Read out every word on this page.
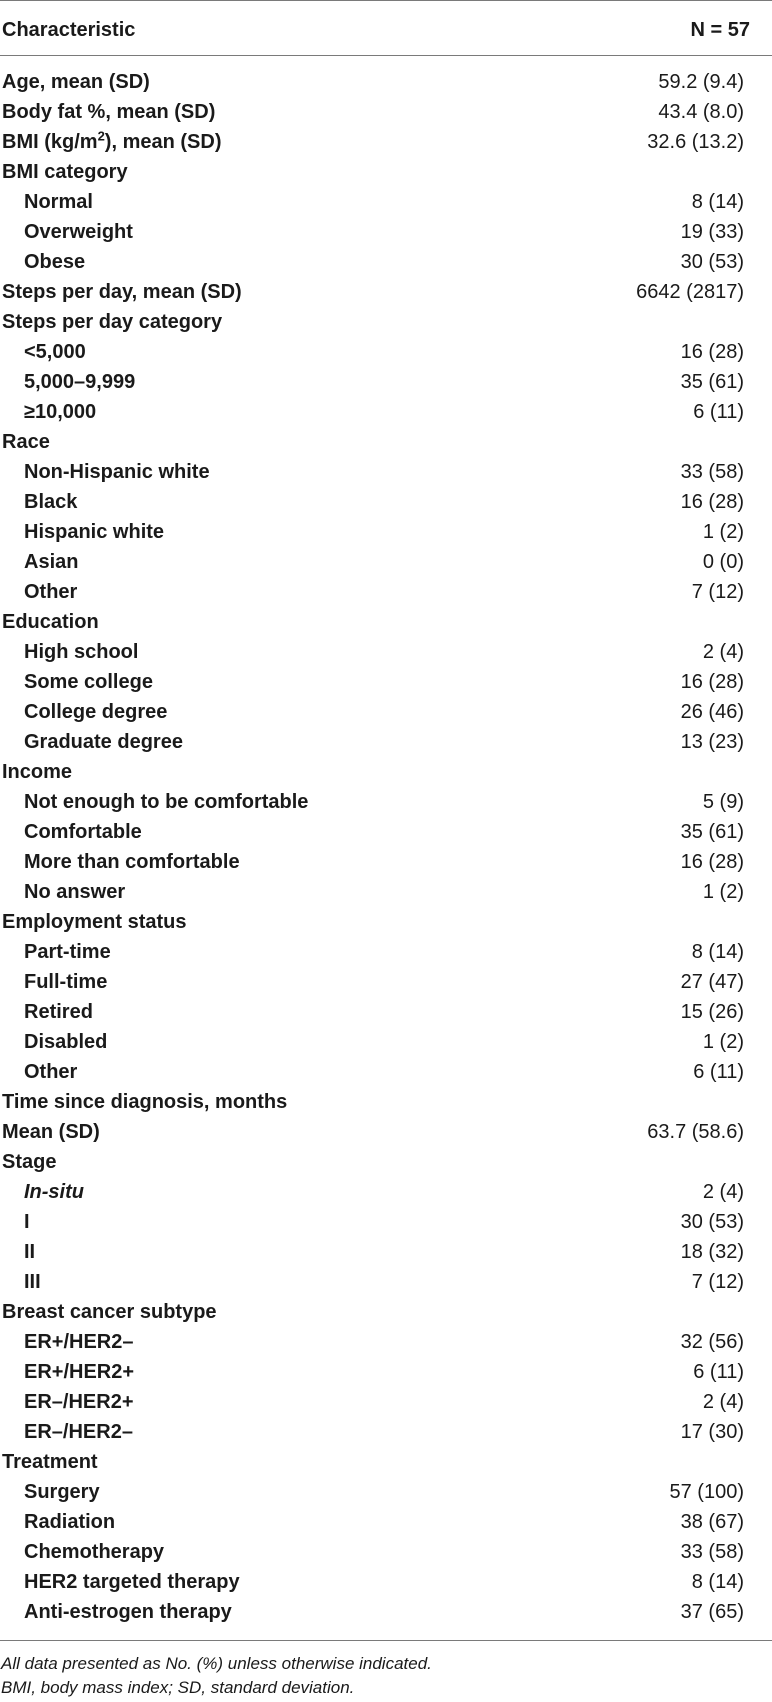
Characteristic	N = 57
Age, mean (SD)	59.2 (9.4)
Body fat %, mean (SD)	43.4 (8.0)
BMI $(kg/m^2)$, mean (SD)	32.6 (13.2)
BMI category
Normal	8 (14)
Overweight	19 (33)
Obese	30 (53)
Steps per day, mean (SD)	6642 (2817)
Steps per day category
<5,000	16 (28)
5,000–9,999	35 (61)
≥10,000	6 (11)
Race
Non-Hispanic white	33 (58)
Black	16 (28)
Hispanic white	1 (2)
Asian	0 (0)
Other	7 (12)
Education
High school	2 (4)
Some college	16 (28)
College degree	26 (46)
Graduate degree	13 (23)
Income
Not enough to be comfortable	5 (9)
Comfortable	35 (61)
More than comfortable	16 (28)
No answer	1 (2)
Employment status
Part-time	8 (14)
Full-time	27 (47)
Retired	15 (26)
Disabled	1 (2)
Other	6 (11)
Time since diagnosis, months
Mean (SD)	63.7 (58.6)
Stage
In-situ	2 (4)
I	30 (53)
II	18 (32)
III	7 (12)
Breast cancer subtype
ER+/HER2–	32 (56)
ER+/HER2+	6 (11)
ER–/HER2+	2 (4)
ER–/HER2–	17 (30)
Treatment
Surgery	57 (100)
Radiation	38 (67)
Chemotherapy	33 (58)
HER2 targeted therapy	8 (14)
Anti-estrogen therapy	37 (65)
All data presented as No. (%) unless otherwise indicated.
BMI, body mass index; SD, standard deviation.
